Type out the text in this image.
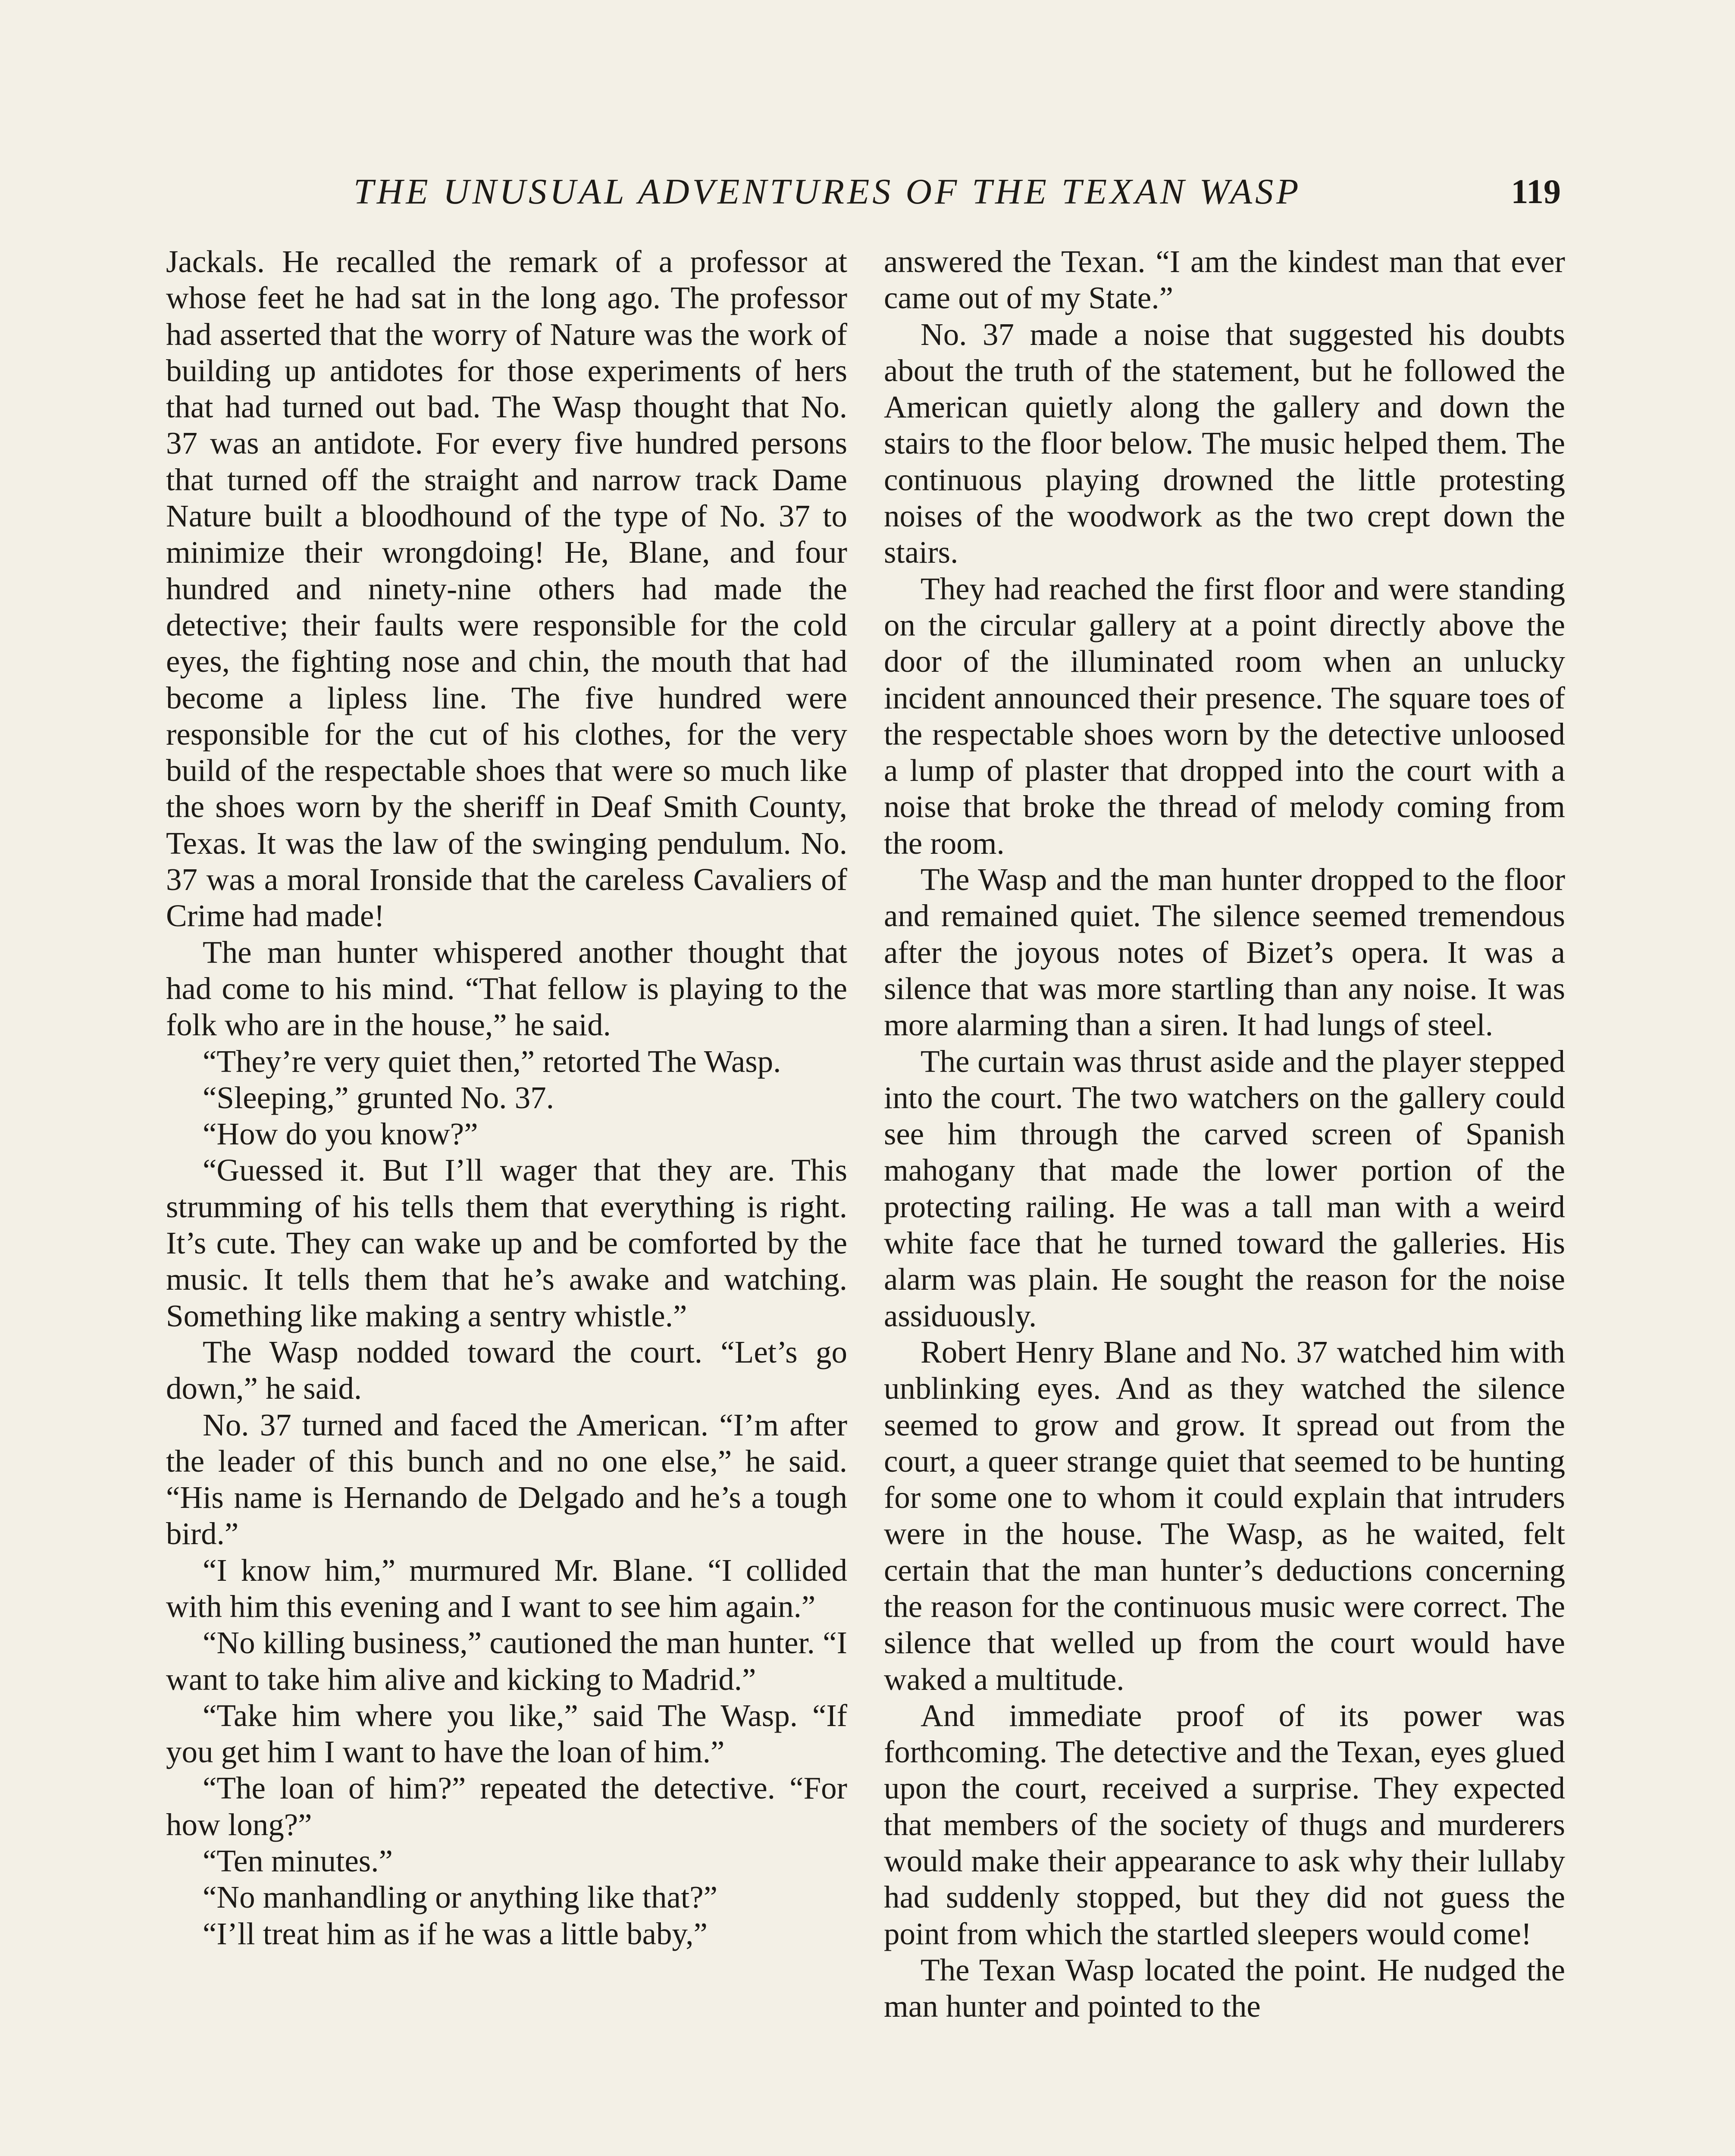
THE UNUSUAL ADVENTURES OF THE TEXAN WASP	119

Jackals. He recalled the remark of a professor at whose feet he had sat in the long ago. The professor had asserted that the worry of Nature was the work of building up antidotes for those experiments of hers that had turned out bad. The Wasp thought that No. 37 was an antidote. For every five hundred persons that turned off the straight and narrow track Dame Nature built a bloodhound of the type of No. 37 to minimize their wrongdoing! He, Blane, and four hundred and ninety-nine others had made the detective; their faults were responsible for the cold eyes, the fighting nose and chin, the mouth that had become a lipless line. The five hundred were responsible for the cut of his clothes, for the very build of the respectable shoes that were so much like the shoes worn by the sheriff in Deaf Smith County, Texas. It was the law of the swinging pendulum. No. 37 was a moral Ironside that the careless Cavaliers of Crime had made!

The man hunter whispered another thought that had come to his mind. “That fellow is playing to the folk who are in the house,” he said.

“They’re very quiet then,” retorted The Wasp.

“Sleeping,” grunted No. 37.

“How do you know?”

“Guessed it. But I’ll wager that they are. This strumming of his tells them that everything is right. It’s cute. They can wake up and be comforted by the music. It tells them that he’s awake and watching. Something like making a sentry whistle.”

The Wasp nodded toward the court. “Let’s go down,” he said.

No. 37 turned and faced the American. “I’m after the leader of this bunch and no one else,” he said. “His name is Hernando de Delgado and he’s a tough bird.”

“I know him,” murmured Mr. Blane. “I collided with him this evening and I want to see him again.”

“No killing business,” cautioned the man hunter. “I want to take him alive and kicking to Madrid.”

“Take him where you like,” said The Wasp. “If you get him I want to have the loan of him.”

“The loan of him?” repeated the detective. “For how long?”

“Ten minutes.”

“No manhandling or anything like that?”

“I’ll treat him as if he was a little baby,”

answered the Texan. “I am the kindest man that ever came out of my State.”

No. 37 made a noise that suggested his doubts about the truth of the statement, but he followed the American quietly along the gallery and down the stairs to the floor below. The music helped them. The continuous playing drowned the little protesting noises of the woodwork as the two crept down the stairs.

They had reached the first floor and were standing on the circular gallery at a point directly above the door of the illuminated room when an unlucky incident announced their presence. The square toes of the respectable shoes worn by the detective unloosed a lump of plaster that dropped into the court with a noise that broke the thread of melody coming from the room.

The Wasp and the man hunter dropped to the floor and remained quiet. The silence seemed tremendous after the joyous notes of Bizet’s opera. It was a silence that was more startling than any noise. It was more alarming than a siren. It had lungs of steel.

The curtain was thrust aside and the player stepped into the court. The two watchers on the gallery could see him through the carved screen of Spanish mahogany that made the lower portion of the protecting railing. He was a tall man with a weird white face that he turned toward the galleries. His alarm was plain. He sought the reason for the noise assiduously.

Robert Henry Blane and No. 37 watched him with unblinking eyes. And as they watched the silence seemed to grow and grow. It spread out from the court, a queer strange quiet that seemed to be hunting for some one to whom it could explain that intruders were in the house. The Wasp, as he waited, felt certain that the man hunter’s deductions concerning the reason for the continuous music were correct. The silence that welled up from the court would have waked a multitude.

And immediate proof of its power was forthcoming. The detective and the Texan, eyes glued upon the court, received a surprise. They expected that members of the society of thugs and murderers would make their appearance to ask why their lullaby had suddenly stopped, but they did not guess the point from which the startled sleepers would come!

The Texan Wasp located the point. He nudged the man hunter and pointed to the
